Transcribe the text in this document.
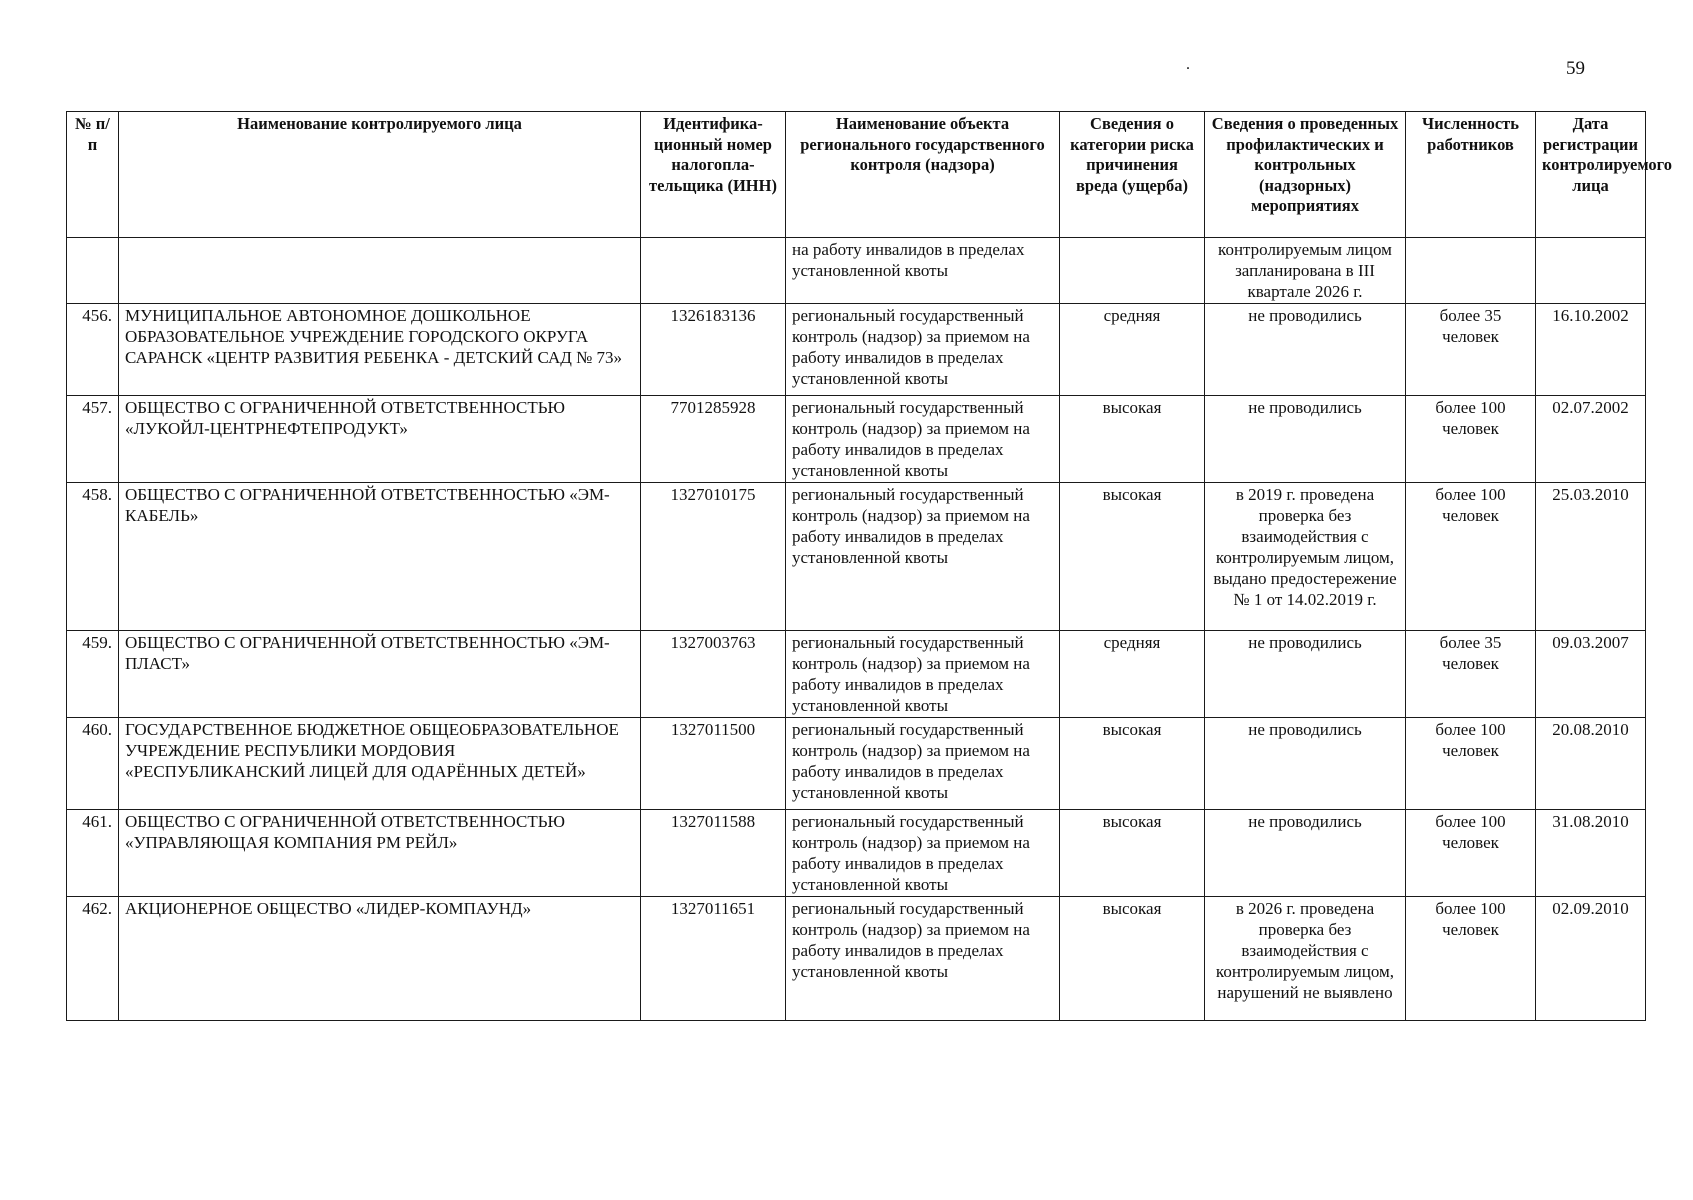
.	59
№ п/п	Наименование контролируемого лица	Идентифика-ционный номер налогопла-тельщика (ИНН)	Наименование объекта регионального государственного контроля (надзора)	Сведения о категории риска причинения вреда (ущерба)	Сведения о проведенных профилактических и контрольных (надзорных) мероприятиях	Численность работников	Дата регистрации контролируемого лица
			на работу инвалидов в пределах установленной квоты		контролируемым лицом запланирована в III квартале 2026 г.		
456.	МУНИЦИПАЛЬНОЕ АВТОНОМНОЕ ДОШКОЛЬНОЕ ОБРАЗОВАТЕЛЬНОЕ УЧРЕЖДЕНИЕ ГОРОДСКОГО ОКРУГА САРАНСК «ЦЕНТР РАЗВИТИЯ РЕБЕНКА - ДЕТСКИЙ САД № 73»	1326183136	региональный государственный контроль (надзор) за приемом на работу инвалидов в пределах установленной квоты	средняя	не проводились	более 35 человек	16.10.2002
457.	ОБЩЕСТВО С ОГРАНИЧЕННОЙ ОТВЕТСТВЕННОСТЬЮ «ЛУКОЙЛ-ЦЕНТРНЕФТЕПРОДУКТ»	7701285928	региональный государственный контроль (надзор) за приемом на работу инвалидов в пределах установленной квоты	высокая	не проводились	более 100 человек	02.07.2002
458.	ОБЩЕСТВО С ОГРАНИЧЕННОЙ ОТВЕТСТВЕННОСТЬЮ «ЭМ-КАБЕЛЬ»	1327010175	региональный государственный контроль (надзор) за приемом на работу инвалидов в пределах установленной квоты	высокая	в 2019 г. проведена проверка без взаимодействия с контролируемым лицом, выдано предостережение № 1 от 14.02.2019 г.	более 100 человек	25.03.2010
459.	ОБЩЕСТВО С ОГРАНИЧЕННОЙ ОТВЕТСТВЕННОСТЬЮ «ЭМ-ПЛАСТ»	1327003763	региональный государственный контроль (надзор) за приемом на работу инвалидов в пределах установленной квоты	средняя	не проводились	более 35 человек	09.03.2007
460.	ГОСУДАРСТВЕННОЕ БЮДЖЕТНОЕ ОБЩЕОБРАЗОВАТЕЛЬНОЕ УЧРЕЖДЕНИЕ РЕСПУБЛИКИ МОРДОВИЯ «РЕСПУБЛИКАНСКИЙ ЛИЦЕЙ ДЛЯ ОДАРЁННЫХ ДЕТЕЙ»	1327011500	региональный государственный контроль (надзор) за приемом на работу инвалидов в пределах установленной квоты	высокая	не проводились	более 100 человек	20.08.2010
461.	ОБЩЕСТВО С ОГРАНИЧЕННОЙ ОТВЕТСТВЕННОСТЬЮ «УПРАВЛЯЮЩАЯ КОМПАНИЯ РМ РЕЙЛ»	1327011588	региональный государственный контроль (надзор) за приемом на работу инвалидов в пределах установленной квоты	высокая	не проводились	более 100 человек	31.08.2010
462.	АКЦИОНЕРНОЕ ОБЩЕСТВО «ЛИДЕР-КОМПАУНД»	1327011651	региональный государственный контроль (надзор) за приемом на работу инвалидов в пределах установленной квоты	высокая	в 2026 г. проведена проверка без взаимодействия с контролируемым лицом, нарушений не выявлено	более 100 человек	02.09.2010
